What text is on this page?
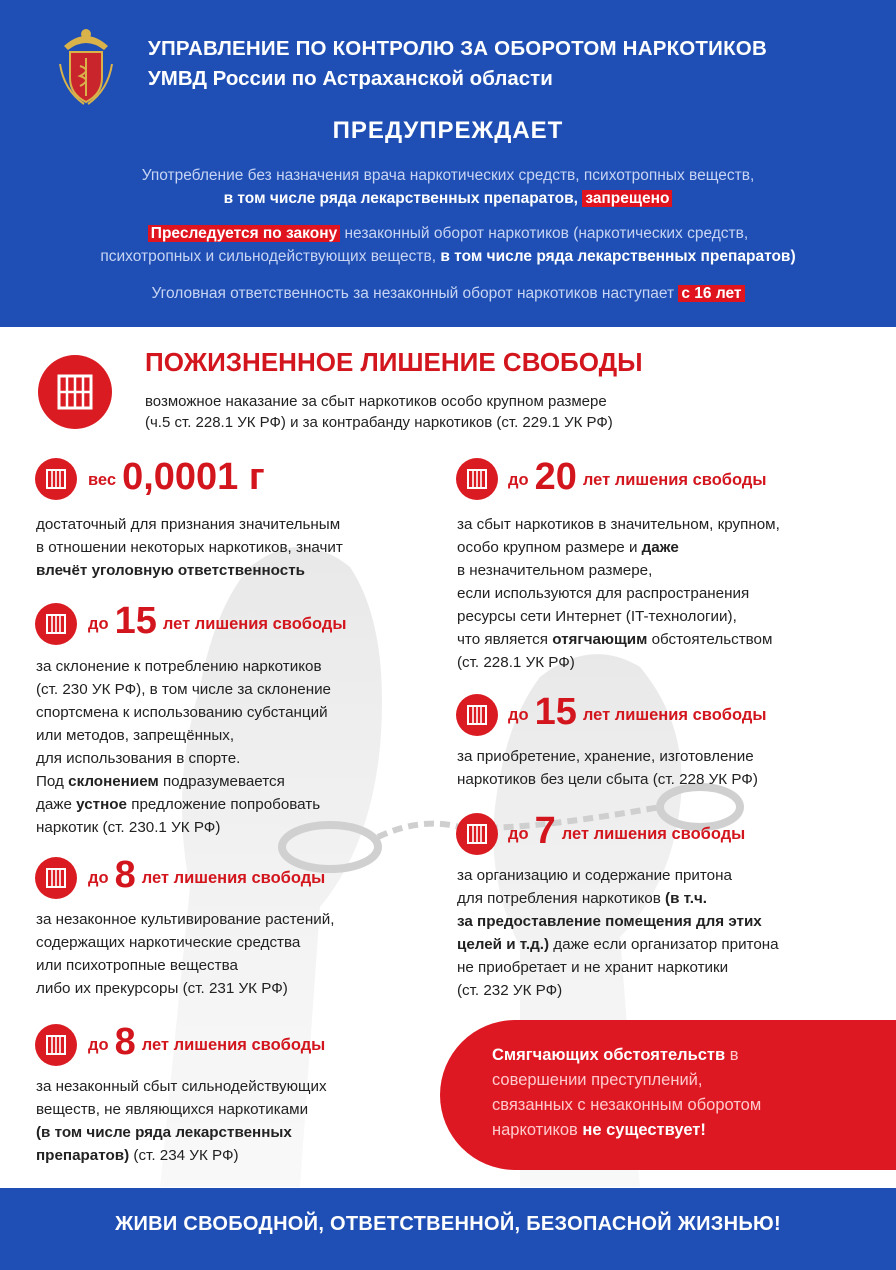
УПРАВЛЕНИЕ ПО КОНТРОЛЮ ЗА ОБОРОТОМ НАРКОТИКОВ
УМВД России по Астраханской области
ПРЕДУПРЕЖДАЕТ
Употребление без назначения врача наркотических средств, психотропных веществ,
в том числе ряда лекарственных препаратов, запрещено
Преследуется по закону незаконный оборот наркотиков (наркотических средств,
психотропных и сильнодействующих веществ, в том числе ряда лекарственных препаратов)
Уголовная ответственность за незаконный оборот наркотиков наступает с 16 лет
ПОЖИЗНЕННОЕ ЛИШЕНИЕ СВОБОДЫ
возможное наказание за сбыт наркотиков особо крупном размере
(ч.5 ст. 228.1 УК РФ) и за контрабанду наркотиков (ст. 229.1 УК РФ)
вес 0,0001 г
достаточный для признания значительным
в отношении некоторых наркотиков, значит
влечёт уголовную ответственность
до 15 лет лишения свободы
за склонение к потреблению наркотиков
(ст. 230 УК РФ), в том числе за склонение
спортсмена к использованию субстанций
или методов, запрещённых,
для использования в спорте.
Под склонением подразумевается
даже устное предложение попробовать
наркотик (ст. 230.1 УК РФ)
до 8 лет лишения свободы
за незаконное культивирование растений,
содержащих наркотические средства
или психотропные вещества
либо их прекурсоры (ст. 231 УК РФ)
до 8 лет лишения свободы
за незаконный сбыт сильнодействующих
веществ, не являющихся наркотиками
(в том числе ряда лекарственных
препаратов) (ст. 234 УК РФ)
до 20 лет лишения свободы
за сбыт наркотиков в значительном, крупном,
особо крупном размере и даже
в незначительном размере,
если используются для распространения
ресурсы сети Интернет (IT-технологии),
что является отягчающим обстоятельством
(ст. 228.1 УК РФ)
до 15 лет лишения свободы
за приобретение, хранение, изготовление
наркотиков без цели сбыта (ст. 228 УК РФ)
до 7 лет лишения свободы
за организацию и содержание притона
для потребления наркотиков (в т.ч.
за предоставление помещения для этих
целей и т.д.) даже если организатор притона
не приобретает и не хранит наркотики
(ст. 232 УК РФ)
Смягчающих обстоятельств в
совершении преступлений,
связанных с незаконным оборотом
наркотиков не существует!
ЖИВИ СВОБОДНОЙ, ОТВЕТСТВЕННОЙ, БЕЗОПАСНОЙ ЖИЗНЬЮ!
